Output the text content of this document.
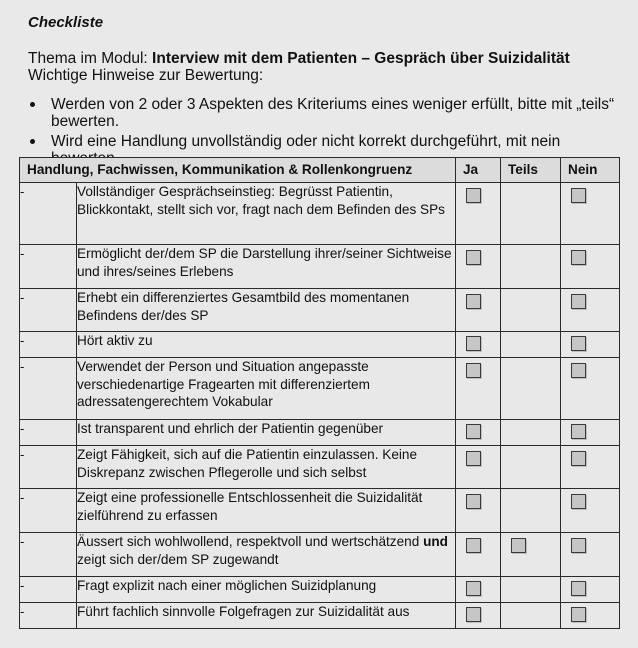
Checkliste
Thema im Modul: Interview mit dem Patienten – Gespräch über Suizidalität
Wichtige Hinweise zur Bewertung:
Werden von 2 oder 3 Aspekten des Kriteriums eines weniger erfüllt, bitte mit „teils“ bewerten.
Wird eine Handlung unvollständig oder nicht korrekt durchgeführt, mit nein
Handlung, Fachwissen, Kommunikation & Rollenkongruenz		Ja	Teils	Nein
-	Vollständiger Gesprächseinstieg: Begrüsst Patientin, Blickkontakt, stellt sich vor, fragt nach dem Befinden des SPs			
-	Ermöglicht der/dem SP die Darstellung ihrer/seiner Sichtweise und ihres/seines Erlebens			
-	Erhebt ein differenziertes Gesamtbild des momentanen Befindens der/des SP			
-	Hört aktiv zu			
-	Verwendet der Person und Situation angepasste verschiedenartige Fragearten mit differenziertem adressatengerechtem Vokabular			
-	Ist transparent und ehrlich der Patientin gegenüber			
-	Zeigt Fähigkeit, sich auf die Patientin einzulassen. Keine Diskrepanz zwischen Pflegerolle und sich selbst			
-	Zeigt eine professionelle Entschlossenheit die Suizidalität zielführend zu erfassen			
-	Äussert sich wohlwollend, respektvoll und wertschätzend und zeigt sich der/dem SP zugewandt			
-	Fragt explizit nach einer möglichen Suizidplanung			
-	Führt fachlich sinnvolle Folgefragen zur Suizidalität aus			
